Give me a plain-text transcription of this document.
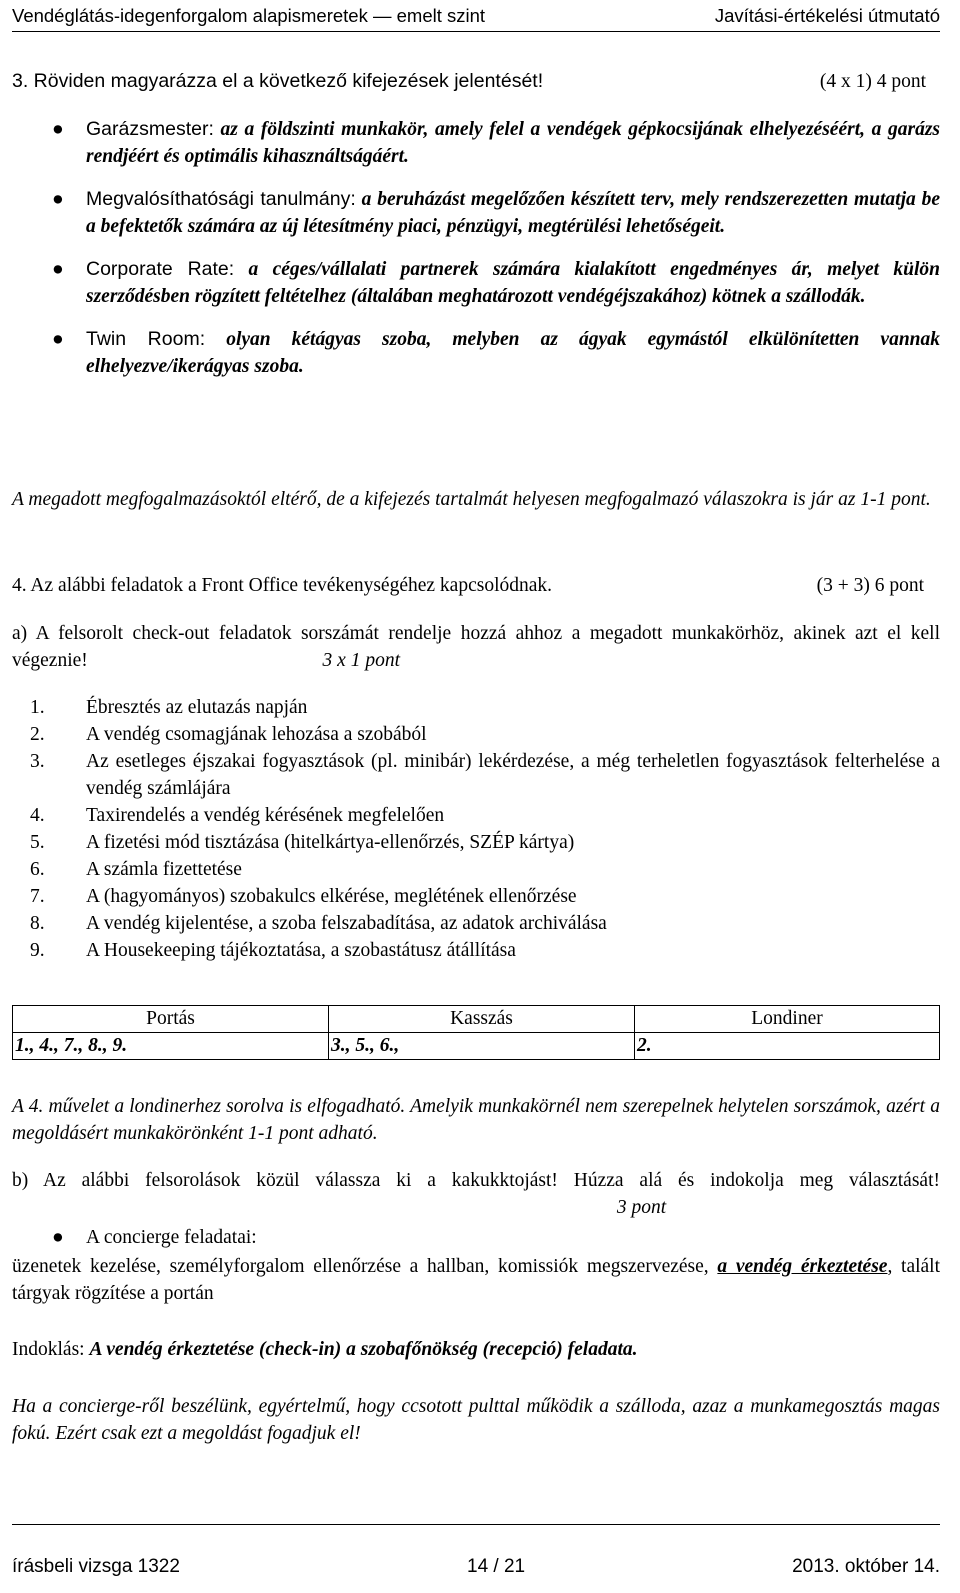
Vendéglátás-idegenforgalom alapismeretek — emelt szint	Javítási-értékelési útmutató
3. Röviden magyarázza el a következő kifejezések jelentését!	(4 x 1) 4 pont
● Garázsmester: az a földszinti munkakör, amely felel a vendégek gépkocsijának elhelyezéséért, a garázs rendjéért és optimális kihasználtságáért.
● Megvalósíthatósági tanulmány: a beruházást megelőzően készített terv, mely rendszerezetten mutatja be a befektetők számára az új létesítmény piaci, pénzügyi, megtérülési lehetőségeit.
● Corporate Rate: a céges/vállalati partnerek számára kialakított engedményes ár, melyet külön szerződésben rögzített feltételhez (általában meghatározott vendégéjszakához) kötnek a szállodák.
● Twin Room: olyan kétágyas szoba, melyben az ágyak egymástól elkülönítetten vannak elhelyezve/ikerágyas szoba.
A megadott megfogalmazásoktól eltérő, de a kifejezés tartalmát helyesen megfogalmazó válaszokra is jár az 1-1 pont.
4. Az alábbi feladatok a Front Office tevékenységéhez kapcsolódnak.	(3 + 3) 6 pont
a) A felsorolt check-out feladatok sorszámát rendelje hozzá ahhoz a megadott munkakörhöz, akinek azt el kell végeznie!	3 x 1 pont
1. Ébresztés az elutazás napján
2. A vendég csomagjának lehozása a szobából
3. Az esetleges éjszakai fogyasztások (pl. minibár) lekérdezése, a még terheletlen fogyasztások felterhelése a vendég számlájára
4. Taxirendelés a vendég kérésének megfelelően
5. A fizetési mód tisztázása (hitelkártya-ellenőrzés, SZÉP kártya)
6. A számla fizettetése
7. A (hagyományos) szobakulcs elkérése, meglétének ellenőrzése
8. A vendég kijelentése, a szoba felszabadítása, az adatok archiválása
9. A Housekeeping tájékoztatása, a szobastátusz átállítása
Portás	Kasszás	Londiner
1., 4., 7., 8., 9.	3., 5., 6.,	2.
A 4. művelet a londinerhez sorolva is elfogadható. Amelyik munkakörnél nem szerepelnek helytelen sorszámok, azért a megoldásért munkakörönként 1-1 pont adható.
b) Az alábbi felsorolások közül válassza ki a kakukktojást! Húzza alá és indokolja meg választását!  3 pont
● A concierge feladatai:
üzenetek kezelése, személyforgalom ellenőrzése a hallban, komissiók megszervezése, a vendég érkeztetése, talált tárgyak rögzítése a portán
Indoklás: A vendég érkeztetése (check-in) a szobafőnökség (recepció) feladata.
Ha a concierge-ről beszélünk, egyértelmű, hogy ccsotott pulttal működik a szálloda, azaz a munkamegosztás magas fokú. Ezért csak ezt a megoldást fogadjuk el!
írásbeli vizsga 1322	14 / 21	2013. október 14.
